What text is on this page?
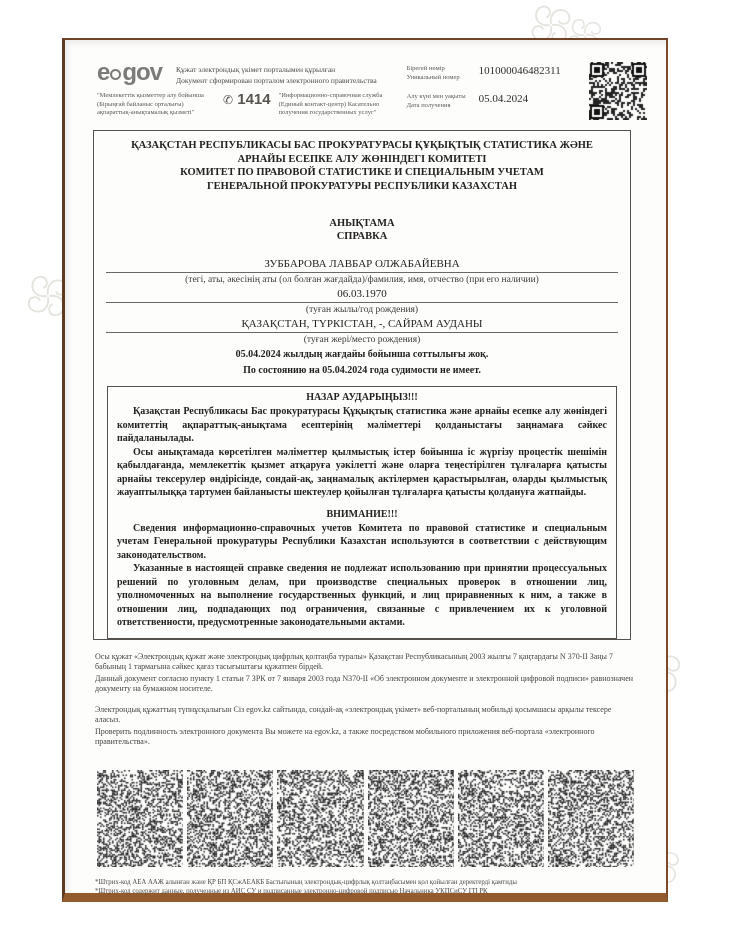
e gov Құжат электрондық үкімет порталымен құрылған
Документ сформирован порталом электронного правительства
"Мемлекеттік қызметтер алу бойынша (Бірыңғай байланыс орталығы) ақпараттық-анықтамалық қызметі"
✆ 1414 "Информационно-справочная служба (Единый контакт-центр) Касательно получения государственных услуг"
Бірегей нөмір
Уникальный номер
101000046482311
Алу күні мен уақыты
Дата получения
05.04.2024
ҚАЗАҚСТАН РЕСПУБЛИКАСЫ БАС ПРОКУРАТУРАСЫ ҚҰҚЫҚТЫҚ СТАТИСТИКА ЖӘНЕ
АРНАЙЫ ЕСЕПКЕ АЛУ ЖӨНІНДЕГІ КОМИТЕТІ
КОМИТЕТ ПО ПРАВОВОЙ СТАТИСТИКЕ И СПЕЦИАЛЬНЫМ УЧЕТАМ
ГЕНЕРАЛЬНОЙ ПРОКУРАТУРЫ РЕСПУБЛИКИ КАЗАХСТАН
АНЫҚТАМА
СПРАВКА
ЗУББАРОВА ЛАВБАР ОЛЖАБАЙЕВНА
(тегі, аты, әкесінің аты (ол болған жағдайда)/фамилия, имя, отчество (при его наличии)
06.03.1970
(туған жылы/год рождения)
ҚАЗАҚСТАН, ТҮРКІСТАН, -, САЙРАМ АУДАНЫ
(туған жері/место рождения)
05.04.2024 жылдың жағдайы бойынша соттылығы жоқ.
По состоянию на 05.04.2024 года судимости не имеет.
НАЗАР АУДАРЫҢЫЗ!!!

Қазақстан Республикасы Бас прокуратурасы Құқықтық статистика және арнайы есепке алу жөніндегі комитеттің ақпараттық-анықтама есептерінің мәліметтері қолданыстағы заңнамаға сәйкес пайдаланылады.

Осы анықтамада көрсетілген мәліметтер қылмыстық істер бойынша іс жүргізу процестік шешімін қабылдағанда, мемлекеттік қызмет атқаруға уәкілетті және оларға теңестірілген тұлғаларға қатысты арнайы тексерулер өндірісінде, сондай-ақ, заңнамалық актілермен қарастырылған, оларды қылмыстық жауаптылыққа тартумен байланысты шектеулер қойылған тұлғаларға қатысты қолдануға жатпайды.

ВНИМАНИЕ!!!

Сведения информационно-справочных учетов Комитета по правовой статистике и специальным учетам Генеральной прокуратуры Республики Казахстан используются в соответствии с действующим законодательством.

Указанные в настоящей справке сведения не подлежат использованию при принятии процессуальных решений по уголовным делам, при производстве специальных проверок в отношении лиц, уполномоченных на выполнение государственных функций, и лиц приравненных к ним, а также в отношении лиц, подпадающих под ограничения, связанные с привлечением их к уголовной ответственности, предусмотренные законодательными актами.

Осы құжат «Электрондық құжат және электрондық цифрлық қолтаңба туралы» Қазақстан Республикасының 2003 жылғы 7 қаңтардағы N 370-II Заңы 7 бабының 1 тармағына сәйкес қағаз тасығыштағы құжатпен бірдей.

Данный документ согласно пункту 1 статьи 7 ЗРК от 7 января 2003 года N370-II «Об электронном документе и электронной цифровой подписи» равнозначен документу на бумажном носителе.

Электрондық құжаттың түпнұсқалығын Сіз egov.kz сайтында, сондай-ақ «электрондық үкімет» веб-порталының мобильді қосымшасы арқылы тексере аласыз.

Проверить подлинность электронного документа Вы можете на egov.kz, а также посредством мобильного приложения веб-портала «электронного правительства».

*Штрих-код АЕА ААЖ алынған және ҚР БП ҚСжАЕАКБ Бастығының электрондық-цифрлық қолтаңбасымен қол қойылған деректерді қамтиды
*Штрих-код содержит данные, полученные из АИС СУ и подписанные электронно-цифровой подписью Начальника УКПСиСУ ГП РК
